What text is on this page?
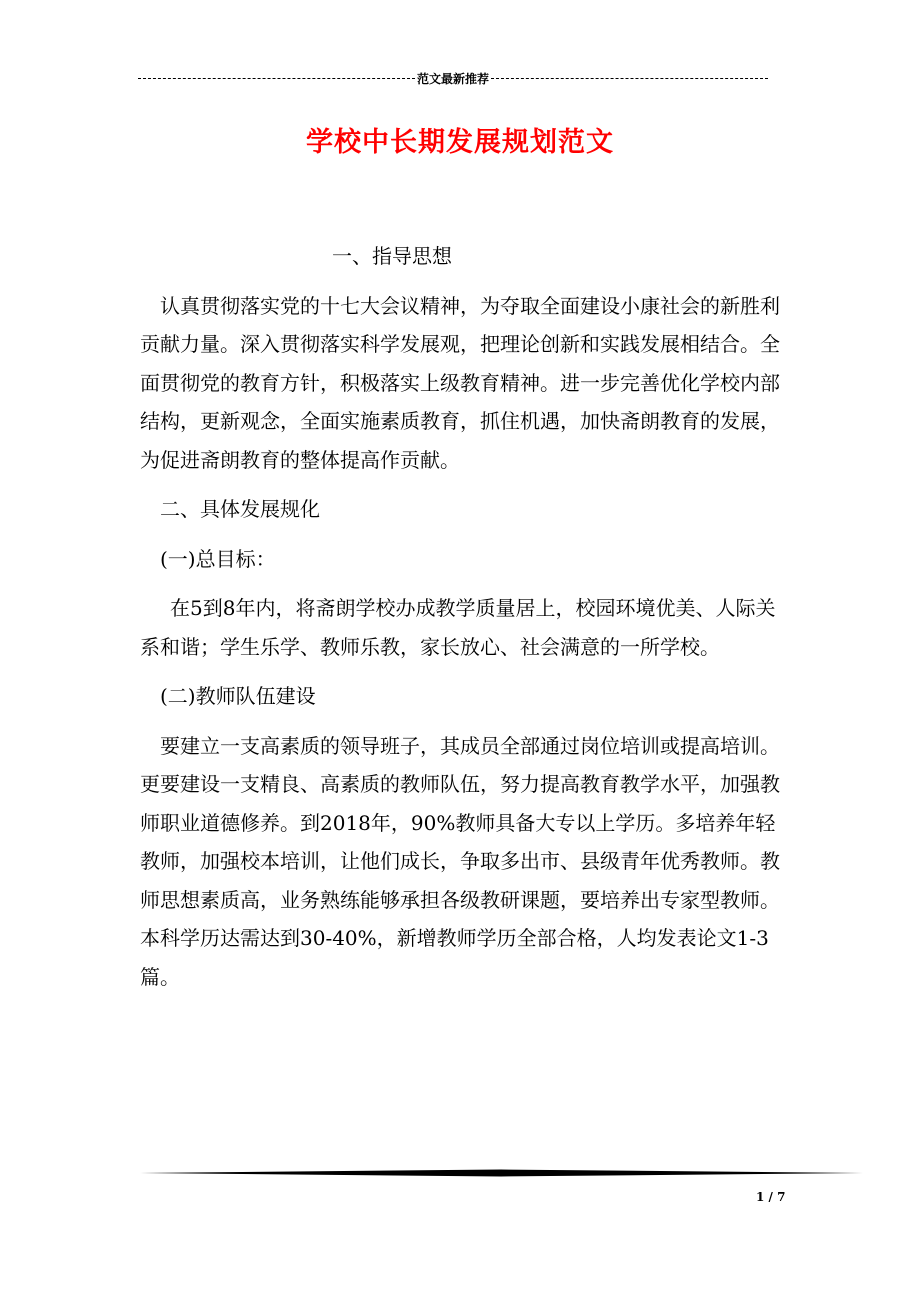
范文最新推荐
学校中长期发展规划范文

一、指导思想

认真贯彻落实党的十七大会议精神，为夺取全面建设小康社会的新胜利贡献力量。深入贯彻落实科学发展观，把理论创新和实践发展相结合。全面贯彻党的教育方针，积极落实上级教育精神。进一步完善优化学校内部结构，更新观念，全面实施素质教育，抓住机遇，加快斋朗教育的发展，为促进斋朗教育的整体提高作贡献。

二、具体发展规化

(一)总目标：

在5到8年内，将斋朗学校办成教学质量居上，校园环境优美、人际关系和谐；学生乐学、教师乐教，家长放心、社会满意的一所学校。

(二)教师队伍建设

要建立一支高素质的领导班子，其成员全部通过岗位培训或提高培训。更要建设一支精良、高素质的教师队伍，努力提高教育教学水平，加强教师职业道德修养。到2018年，90%教师具备大专以上学历。多培养年轻教师，加强校本培训，让他们成长，争取多出市、县级青年优秀教师。教师思想素质高，业务熟练能够承担各级教研课题，要培养出专家型教师。本科学历达需达到30-40%，新增教师学历全部合格，人均发表论文1-3篇。

1 / 7
